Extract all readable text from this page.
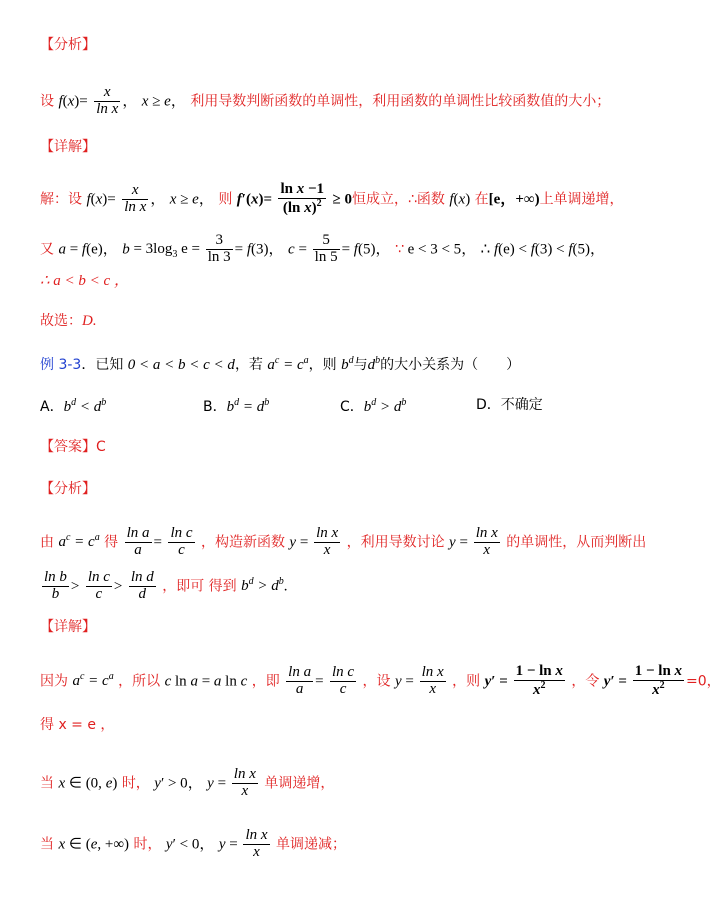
【分析】
设 $f(x)= \frac{x}{\text{ln x}}$ ， x ≥ e， 利用导数判断函数的单调性，利用函数的单调性比较函数值的大小；
【详解】
解：设 $f(x)= \frac{x}{\text{ln x}}$ ， x ≥ e， 则 $f'(x)= \frac{\text{ln x −1}}{(\ln x)^2} \ge 0$恒成立，∴函数 f(x) 在[e，+∞)上单调递增，
又 a = f(e)， $b = 3\log_3$ $e = \frac{3}{\ln 3} = f(3)$， $c = \frac{5}{\ln 5} = f(5)$， ∵ e < 3 < 5， ∴ f(e) < f(3) < f(5)，
∴ a < b < c ，
故选：D.
例 3-3．已知 0 < a < b < c < d，若 $a^c = c^a$，则 $b^d$与$d^b$的大小关系为（　　）
A．$b^d < d^b$	B．$b^d = d^b$	C．$b^d > d^b$	D．不确定
【答案】C
【分析】
由 $a^c = c^a$ 得 $\frac{\text{ln a}}{a} = \frac{\text{ln c}}{c}$ ，构造新函数 $y = \frac{\text{ln x}}{x}$ ，利用导数讨论 $y = \frac{\text{ln x}}{x}$ 的单调性，从而判断出
$\frac{\text{ln b}}{b} > \frac{\text{ln c}}{c} > \frac{\text{ln d}}{d}$ ，即可 得到 $b^d > d^b$.
【详解】
因为 $a^c = c^a$ ，所以 c ln a = a ln c ，即 $\frac{\text{ln a}}{a} = \frac{\text{ln c}}{c}$ ，设 $y = \frac{\text{ln x}}{x}$ ，则 $y' = \frac{\text{1 − ln x}}{x^2}$ ，令 $y' = \frac{\text{1 − ln x}}{x^2} =0$，
得 x = e ，
当 x ∈ (0, e) 时， y′ > 0， $y = \frac{\text{ln x}}{x}$ 单调递增，
当 x ∈ (e, +∞) 时， y′ < 0， $y = \frac{\text{ln x}}{x}$ 单调递减；
